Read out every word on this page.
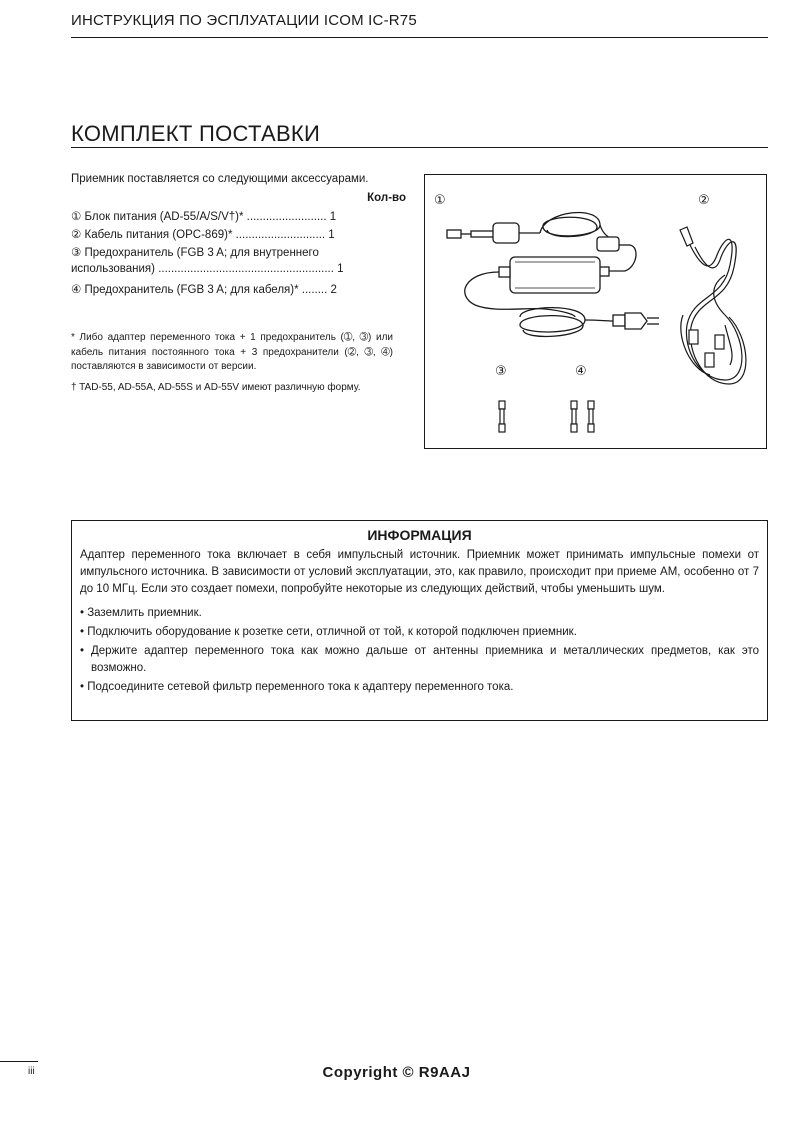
ИНСТРУКЦИЯ ПО ЭСПЛУАТАЦИИ ICOM IC-R75
КОМПЛЕКТ ПОСТАВКИ
Приемник поставляется со следующими аксессуарами.
Кол-во
① Блок питания (AD-55/A/S/V†)* ......................... 1
② Кабель питания (OPC-869)* ............................ 1
③ Предохранитель (FGB 3 A; для внутреннего использования) ....................................................... 1
④ Предохранитель (FGB 3 A; для кабеля)* ........ 2
* Либо адаптер переменного тока + 1 предохранитель (➀, ➂) или кабель питания постоянного тока + 3 предохранители (➁, ➂, ➃) поставляются в зависимости от версии.
† TAD-55, AD-55A, AD-55S и AD-55V имеют различную форму.
①	②
③	④
ИНФОРМАЦИЯ
Адаптер переменного тока включает в себя импульсный источник. Приемник может принимать импульсные помехи от импульсного источника. В зависимости от условий эксплуатации, это, как правило, происходит при приеме АМ, особенно от 7 до 10 МГц. Если это создает помехи, попробуйте некоторые из следующих действий, чтобы уменьшить шум.
• Заземлить приемник.
• Подключить оборудование к розетке сети, отличной от той, к которой подключен приемник.
• Держите адаптер переменного тока как можно дальше от антенны приемника и металлических предметов, как это возможно.
• Подсоедините сетевой фильтр переменного тока к адаптеру переменного тока.
iii	Copyright © R9AAJ
